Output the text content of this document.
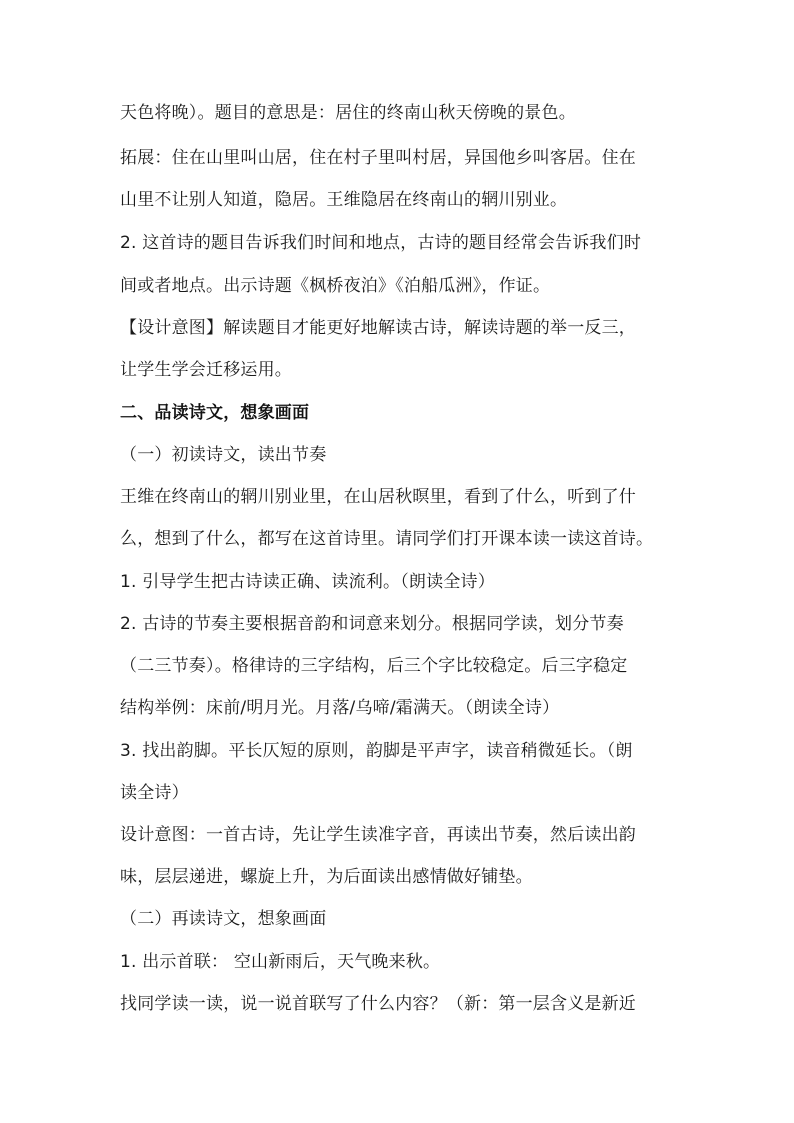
天色将晚）。题目的意思是：居住的终南山秋天傍晚的景色。
拓展：住在山里叫山居，住在村子里叫村居，异国他乡叫客居。住在
山里不让别人知道，隐居。王维隐居在终南山的辋川别业。
2. 这首诗的题目告诉我们时间和地点，古诗的题目经常会告诉我们时
间或者地点。出示诗题《枫桥夜泊》《泊船瓜洲》，作证。
【设计意图】解读题目才能更好地解读古诗，解读诗题的举一反三，
让学生学会迁移运用。
二、品读诗文，想象画面
（一）初读诗文，读出节奏
王维在终南山的辋川别业里，在山居秋暝里，看到了什么，听到了什
么，想到了什么，都写在这首诗里。请同学们打开课本读一读这首诗。
1. 引导学生把古诗读正确、读流利。（朗读全诗）
2. 古诗的节奏主要根据音韵和词意来划分。根据同学读，划分节奏
（二三节奏）。格律诗的三字结构，后三个字比较稳定。后三字稳定
结构举例：床前/明月光。月落/乌啼/霜满天。（朗读全诗）
3. 找出韵脚。平长仄短的原则，韵脚是平声字，读音稍微延长。（朗
读全诗）
设计意图：一首古诗，先让学生读准字音，再读出节奏，然后读出韵
味，层层递进，螺旋上升，为后面读出感情做好铺垫。
（二）再读诗文，想象画面
1. 出示首联： 空山新雨后，天气晚来秋。
找同学读一读，说一说首联写了什么内容？（新：第一层含义是新近
